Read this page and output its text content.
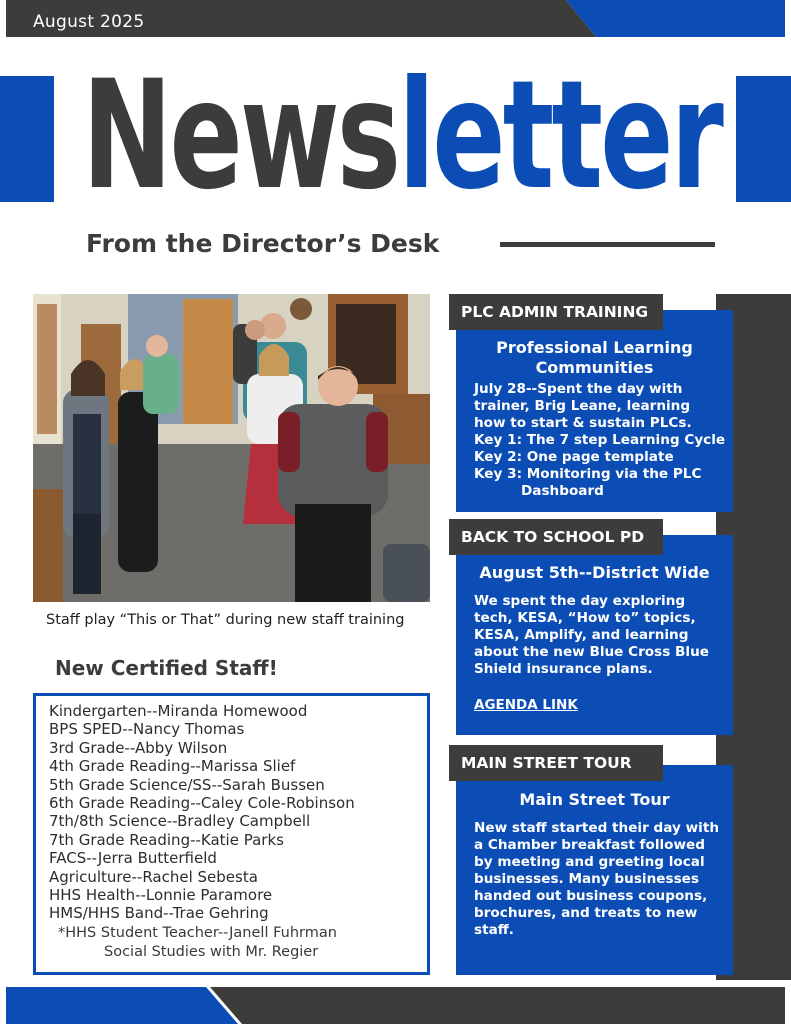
August 2025
Newsletter
From the Director’s Desk
Staff play “This or That” during new staff training
New Certified Staff!
Kindergarten--Miranda Homewood
BPS SPED--Nancy Thomas
3rd Grade--Abby Wilson
4th Grade Reading--Marissa Slief
5th Grade Science/SS--Sarah Bussen
6th Grade Reading--Caley Cole-Robinson
7th/8th Science--Bradley Campbell
7th Grade Reading--Katie Parks
FACS--Jerra Butterfield
Agriculture--Rachel Sebesta
HHS Health--Lonnie Paramore
HMS/HHS Band--Trae Gehring
*HHS Student Teacher--Janell Fuhrman
Social Studies with Mr. Regier
Professional Learning Communities

July 28--Spent the day with

trainer, Brig Leane, learning

how to start & sustain PLCs.

Key 1: The 7 step Learning Cycle

Key 2: One page template

Key 3: Monitoring via the PLC

Dashboard

PLC ADMIN TRAINING
August 5th--District Wide

We spent the day exploring

tech, KESA, “How to” topics,

KESA, Amplify, and learning

about the new Blue Cross Blue

Shield insurance plans.

AGENDA LINK
BACK TO SCHOOL PD
Main Street Tour

New staff started their day with

a Chamber breakfast followed

by meeting and greeting local

businesses. Many businesses

handed out business coupons,

brochures, and treats to new

staff.

MAIN STREET TOUR
